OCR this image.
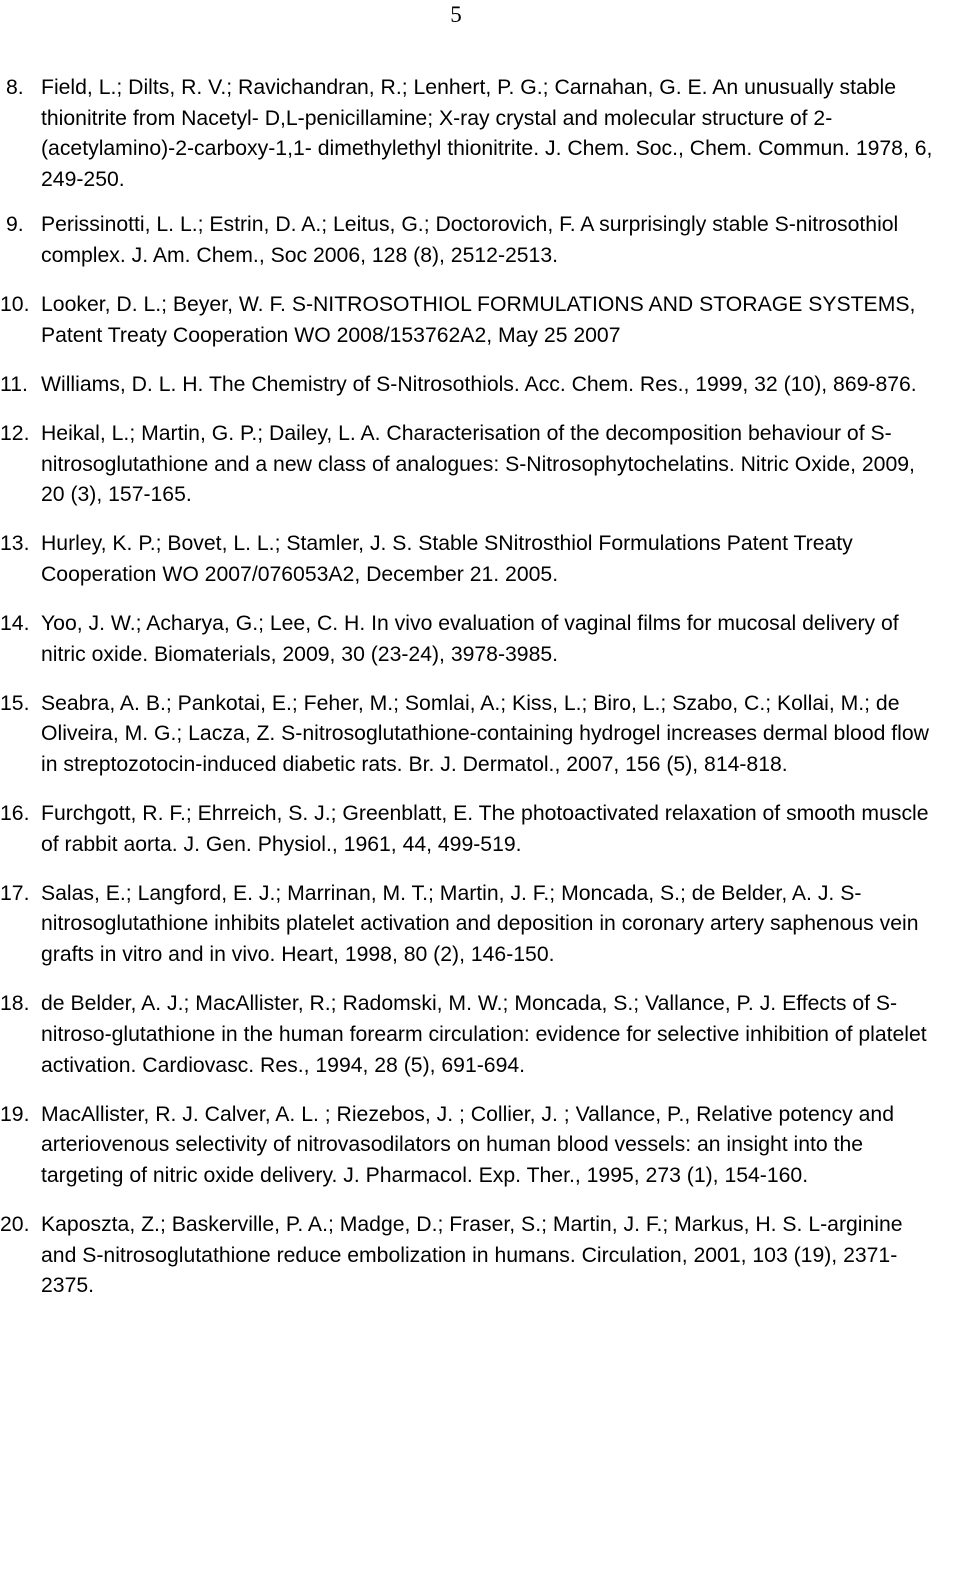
5
8. Field, L.; Dilts, R. V.; Ravichandran, R.; Lenhert, P. G.; Carnahan, G. E. An unusually stable thionitrite from Nacetyl- D,L-penicillamine; X-ray crystal and molecular structure of 2-(acetylamino)-2-carboxy-1,1- dimethylethyl thionitrite. J. Chem. Soc., Chem. Commun. 1978, 6, 249-250.
9. Perissinotti, L. L.; Estrin, D. A.; Leitus, G.; Doctorovich, F. A surprisingly stable S-nitrosothiol complex. J. Am. Chem., Soc 2006, 128 (8), 2512-2513.
10. Looker, D. L.; Beyer, W. F. S-NITROSOTHIOL FORMULATIONS AND STORAGE SYSTEMS, Patent Treaty Cooperation WO 2008/153762A2, May 25 2007
11. Williams, D. L. H. The Chemistry of S-Nitrosothiols. Acc. Chem. Res., 1999, 32 (10), 869-876.
12. Heikal, L.; Martin, G. P.; Dailey, L. A. Characterisation of the decomposition behaviour of S-nitrosoglutathione and a new class of analogues: S-Nitrosophytochelatins. Nitric Oxide, 2009, 20 (3), 157-165.
13. Hurley, K. P.; Bovet, L. L.; Stamler, J. S. Stable SNitrosthiol Formulations Patent Treaty Cooperation WO 2007/076053A2, December 21. 2005.
14. Yoo, J. W.; Acharya, G.; Lee, C. H. In vivo evaluation of vaginal films for mucosal delivery of nitric oxide. Biomaterials, 2009, 30 (23-24), 3978-3985.
15. Seabra, A. B.; Pankotai, E.; Feher, M.; Somlai, A.; Kiss, L.; Biro, L.; Szabo, C.; Kollai, M.; de Oliveira, M. G.; Lacza, Z. S-nitrosoglutathione-containing hydrogel increases dermal blood flow in streptozotocin-induced diabetic rats. Br. J. Dermatol., 2007, 156 (5), 814-818.
16. Furchgott, R. F.; Ehrreich, S. J.; Greenblatt, E. The photoactivated relaxation of smooth muscle of rabbit aorta. J. Gen. Physiol., 1961, 44, 499-519.
17. Salas, E.; Langford, E. J.; Marrinan, M. T.; Martin, J. F.; Moncada, S.; de Belder, A. J. S-nitrosoglutathione inhibits platelet activation and deposition in coronary artery saphenous vein grafts in vitro and in vivo. Heart, 1998, 80 (2), 146-150.
18. de Belder, A. J.; MacAllister, R.; Radomski, M. W.; Moncada, S.; Vallance, P. J. Effects of S-nitroso-glutathione in the human forearm circulation: evidence for selective inhibition of platelet activation. Cardiovasc. Res., 1994, 28 (5), 691-694.
19. MacAllister, R. J. Calver, A. L. ; Riezebos, J. ; Collier, J. ; Vallance, P., Relative potency and arteriovenous selectivity of nitrovasodilators on human blood vessels: an insight into the targeting of nitric oxide delivery. J. Pharmacol. Exp. Ther., 1995, 273 (1), 154-160.
20. Kaposzta, Z.; Baskerville, P. A.; Madge, D.; Fraser, S.; Martin, J. F.; Markus, H. S. L-arginine and S-nitrosoglutathione reduce embolization in humans. Circulation, 2001, 103 (19), 2371-2375.
